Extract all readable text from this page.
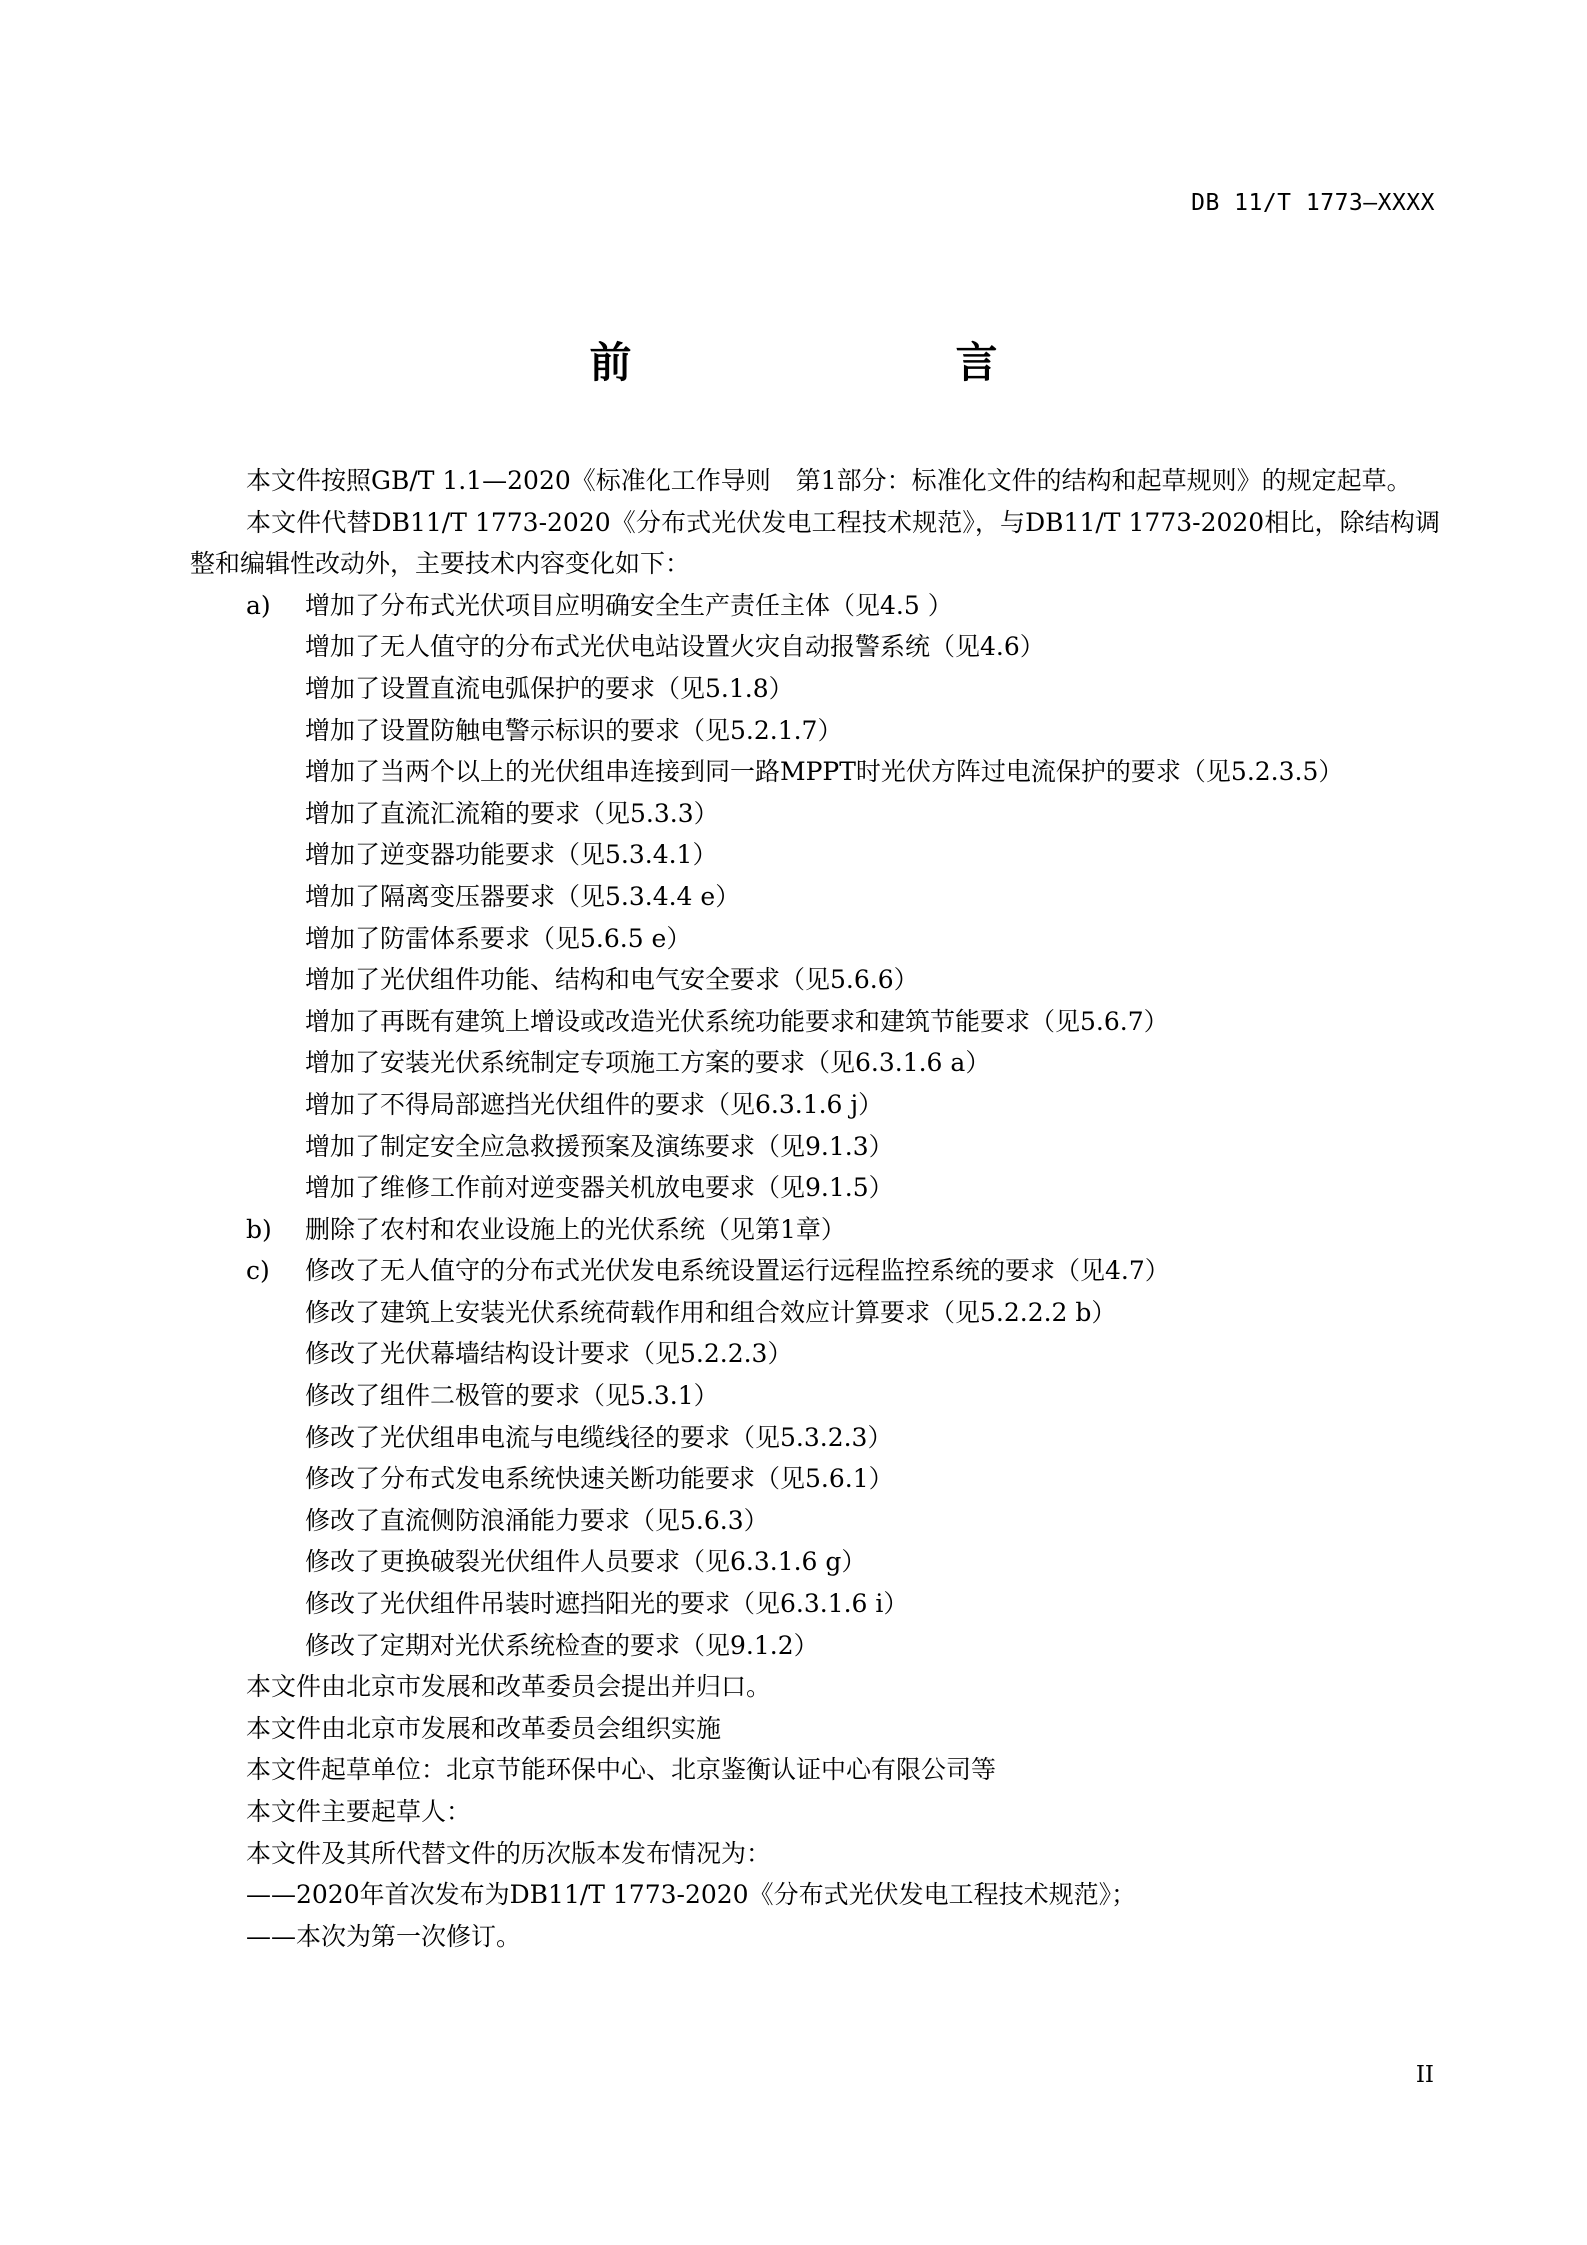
DB 11/T 1773—XXXX
前　　言

本文件按照GB/T 1.1—2020《标准化工作导则　第1部分：标准化文件的结构和起草规则》的规定起草。

本文件代替DB11/T 1773-2020《分布式光伏发电工程技术规范》，与DB11/T 1773-2020相比，除结构调整和编辑性改动外，主要技术内容变化如下：

a) 增加了分布式光伏项目应明确安全生产责任主体（见4.5 ）
增加了无人值守的分布式光伏电站设置火灾自动报警系统（见4.6）
增加了设置直流电弧保护的要求（见5.1.8）
增加了设置防触电警示标识的要求（见5.2.1.7）
增加了当两个以上的光伏组串连接到同一路MPPT时光伏方阵过电流保护的要求（见5.2.3.5）
增加了直流汇流箱的要求（见5.3.3）
增加了逆变器功能要求（见5.3.4.1）
增加了隔离变压器要求（见5.3.4.4 e）
增加了防雷体系要求（见5.6.5 e）
增加了光伏组件功能、结构和电气安全要求（见5.6.6）
增加了再既有建筑上增设或改造光伏系统功能要求和建筑节能要求（见5.6.7）
增加了安装光伏系统制定专项施工方案的要求（见6.3.1.6 a）
增加了不得局部遮挡光伏组件的要求（见6.3.1.6 j）
增加了制定安全应急救援预案及演练要求（见9.1.3）
增加了维修工作前对逆变器关机放电要求（见9.1.5）
b) 删除了农村和农业设施上的光伏系统（见第1章）
c) 修改了无人值守的分布式光伏发电系统设置运行远程监控系统的要求（见4.7）
修改了建筑上安装光伏系统荷载作用和组合效应计算要求（见5.2.2.2 b）
修改了光伏幕墙结构设计要求（见5.2.2.3）
修改了组件二极管的要求（见5.3.1）
修改了光伏组串电流与电缆线径的要求（见5.3.2.3）
修改了分布式发电系统快速关断功能要求（见5.6.1）
修改了直流侧防浪涌能力要求（见5.6.3）
修改了更换破裂光伏组件人员要求（见6.3.1.6 g）
修改了光伏组件吊装时遮挡阳光的要求（见6.3.1.6 i）
修改了定期对光伏系统检查的要求（见9.1.2）

本文件由北京市发展和改革委员会提出并归口。

本文件由北京市发展和改革委员会组织实施

本文件起草单位：北京节能环保中心、北京鉴衡认证中心有限公司等

本文件主要起草人：

本文件及其所代替文件的历次版本发布情况为：

——2020年首次发布为DB11/T 1773-2020《分布式光伏发电工程技术规范》；

——本次为第一次修订。

II
